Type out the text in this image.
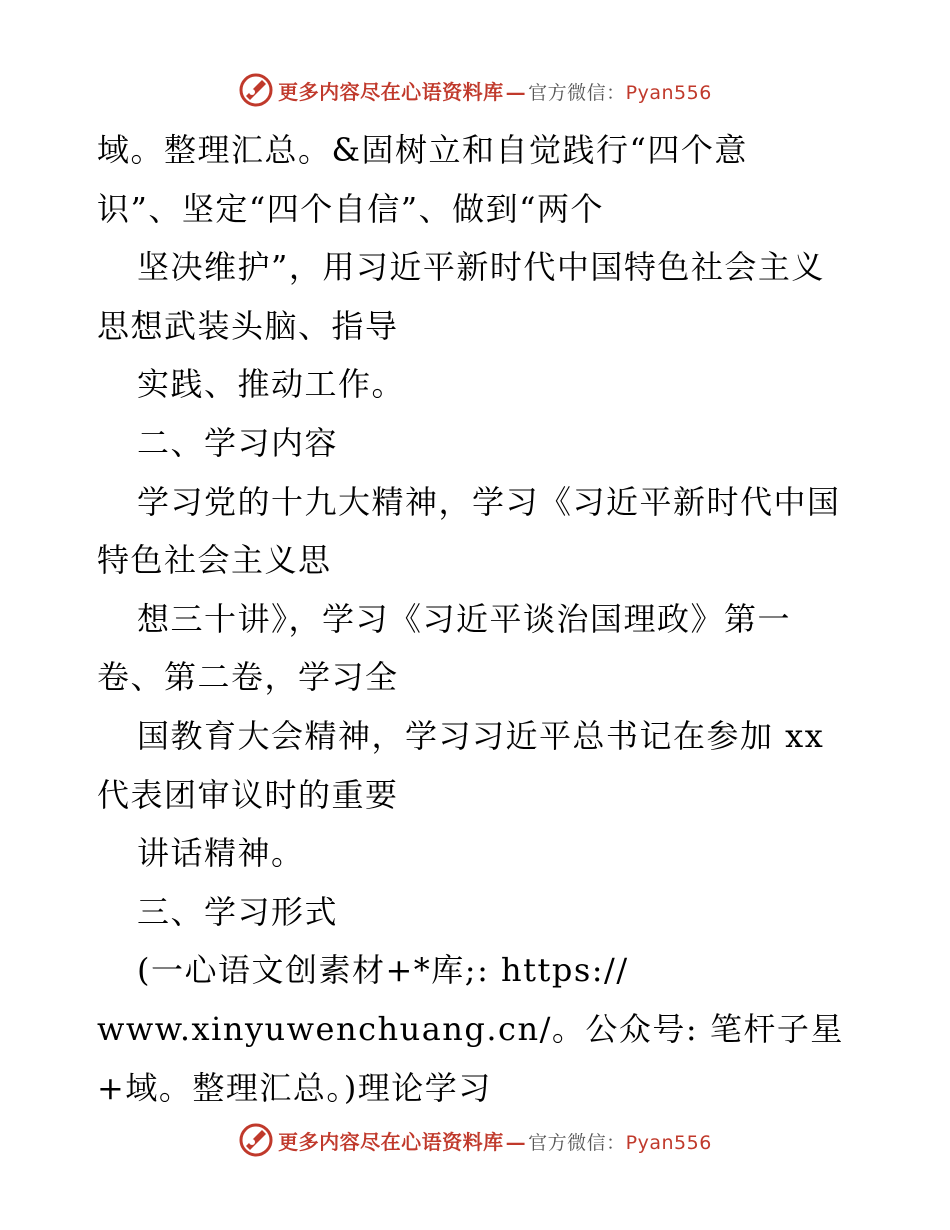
更多内容尽在心语资料库 — 官方微信：Pyan556
域。整理汇总。&固树立和自觉践行“四个意
识”、坚定“四个自信”、做到“两个
坚决维护”，用习近平新时代中国特色社会主义
思想武装头脑、指导
实践、推动工作。
二、学习内容
学习党的十九大精神，学习《习近平新时代中国
特色社会主义思
想三十讲》，学习《习近平谈治国理政》第一
卷、第二卷，学习全
国教育大会精神，学习习近平总书记在参加 xx
代表团审议时的重要
讲话精神。
三、学习形式
(一心语文创素材+*库;: https://
www.xinyuwenchuang.cn/。公众号: 笔杆子星
+域。整理汇总。)理论学习
更多内容尽在心语资料库 — 官方微信：Pyan556
